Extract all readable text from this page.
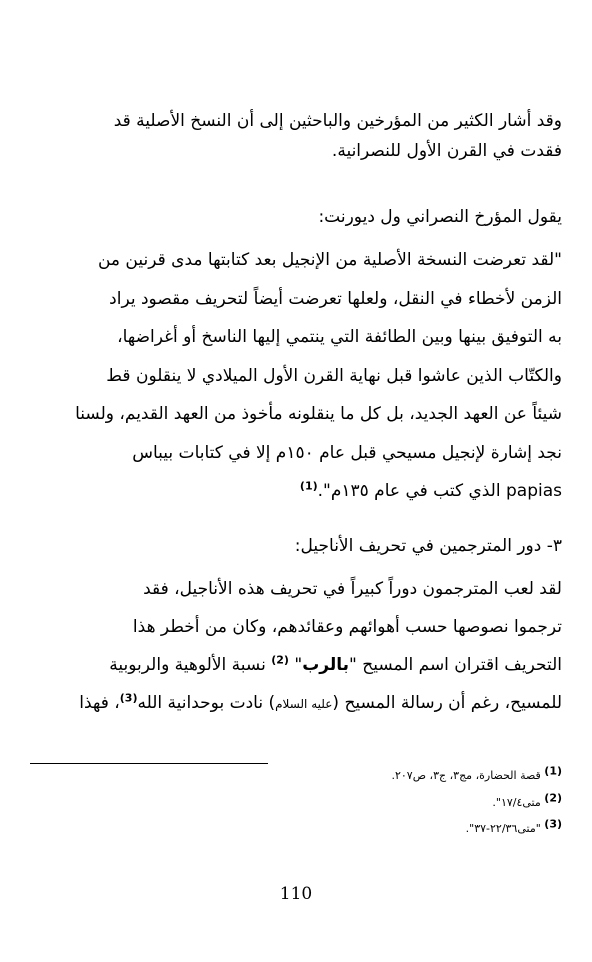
وقد أشار الكثير من المؤرخين والباحثين إلى أن النسخ الأصلية قد
فقدت في القرن الأول للنصرانية.
يقول المؤرخ النصراني ول ديورنت:
"لقد تعرضت النسخة الأصلية من الإنجيل بعد كتابتها مدى قرنين من
الزمن لأخطاء في النقل، ولعلها تعرضت أيضاً لتحريف مقصود يراد
به التوفيق بينها وبين الطائفة التي ينتمي إليها الناسخ أو أغراضها،
والكتّاب الذين عاشوا قبل نهاية القرن الأول الميلادي لا ينقلون قط
شيئاً عن العهد الجديد، بل كل ما ينقلونه مأخوذ من العهد القديم، ولسنا
نجد إشارة لإنجيل مسيحي قبل عام ١٥٠م إلا في كتابات بيباس
papias الذي كتب في عام ١٣٥م".$^{(1)}$
٣- دور المترجمين في تحريف الأناجيل:
لقد لعب المترجمون دوراً كبيراً في تحريف هذه الأناجيل، فقد
ترجموا نصوصها حسب أهوائهم وعقائدهم، وكان من أخطر هذا
التحريف اقتران اسم المسيح "بالرب" $^{(2)}$ نسبة الألوهية والربوبية
للمسيح، رغم أن رسالة المسيح (عليه السلام) نادت بوحدانية الله$^{(3)}$، فهذا
(1) قصة الحضارة، مج٣، ج٣، ص٢٠٧.
(2) متى١٧/٤".
(3) "متى٢٢/٣٦-٣٧".
110
